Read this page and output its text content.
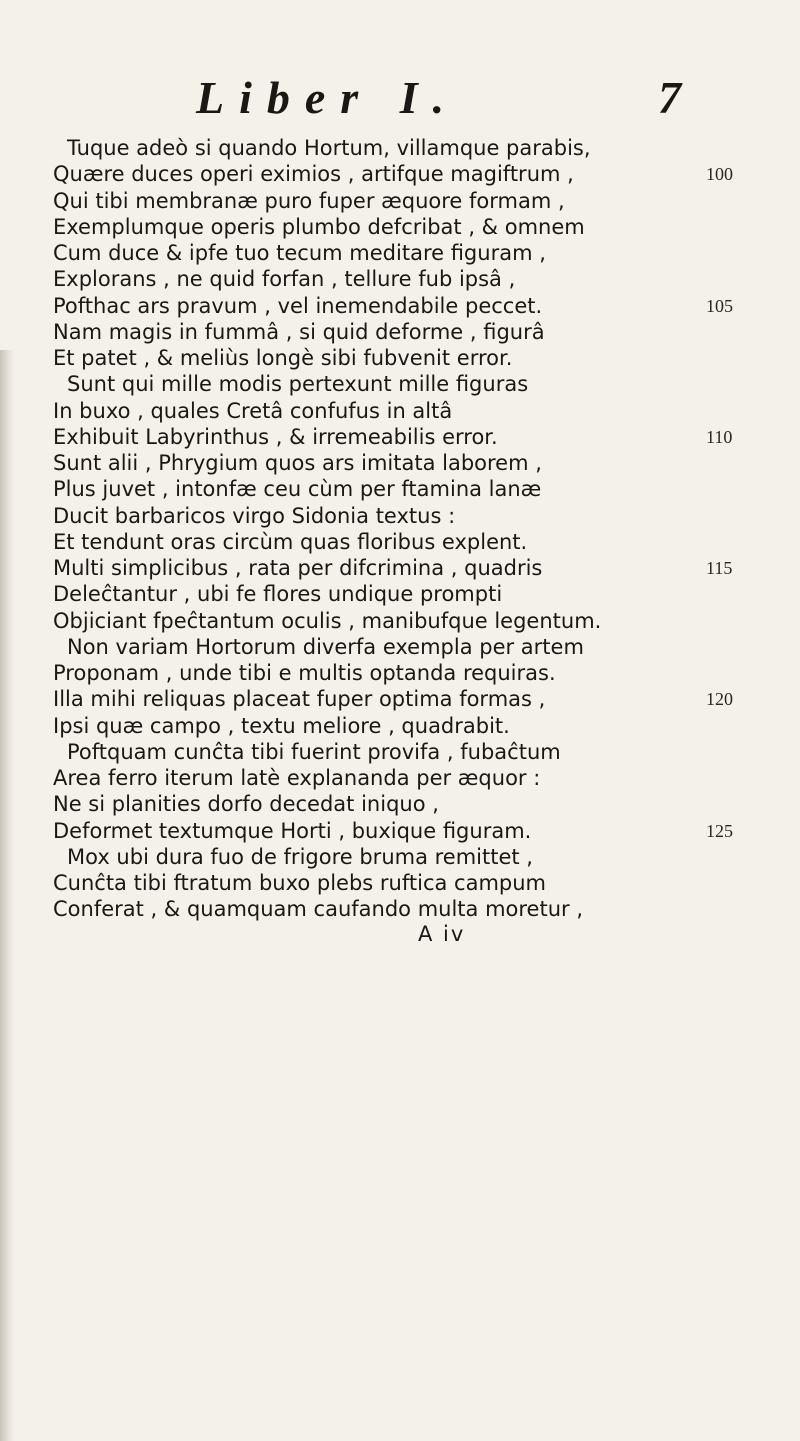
Liber I.	7
Tuque adeò si quando Hortum, villamque parabis,
Quære duces operi eximios , artifque magiftrum ,	100
Qui tibi membranæ puro fuper æquore formam ,
Exemplumque operis plumbo defcribat , & omnem
Cum duce & ipfe tuo tecum meditare figuram ,
Explorans , ne quid forfan , tellure fub ipsâ ,
Pofthac ars pravum , vel inemendabile peccet.	105
Nam magis in fummâ , si quid deforme , figurâ
Et patet , & meliùs longè sibi fubvenit error.
Sunt qui mille modis pertexunt mille figuras
In buxo , quales Cretâ confufus in altâ
Exhibuit Labyrinthus , & irremeabilis error.	110
Sunt alii , Phrygium quos ars imitata laborem ,
Plus juvet , intonfæ ceu cùm per ftamina lanæ
Ducit barbaricos virgo Sidonia textus :
Et tendunt oras circùm quas floribus explent.
Multi simplicibus , rata per difcrimina , quadris	115
Deleĉtantur , ubi fe flores undique prompti
Objiciant fpeĉtantum oculis , manibufque legentum.
Non variam Hortorum diverfa exempla per artem
Proponam , unde tibi e multis optanda requiras.
Illa mihi reliquas placeat fuper optima formas ,	120
Ipsi quæ campo , textu meliore , quadrabit.
Poftquam cunĉta tibi fuerint provifa , fubaĉtum
Area ferro iterum latè explananda per æquor :
Ne si planities dorfo decedat iniquo ,
Deformet textumque Horti , buxique figuram.	125
Mox ubi dura fuo de frigore bruma remittet ,
Cunĉta tibi ftratum buxo plebs ruftica campum
Conferat , & quamquam caufando multa moretur ,
A iv
